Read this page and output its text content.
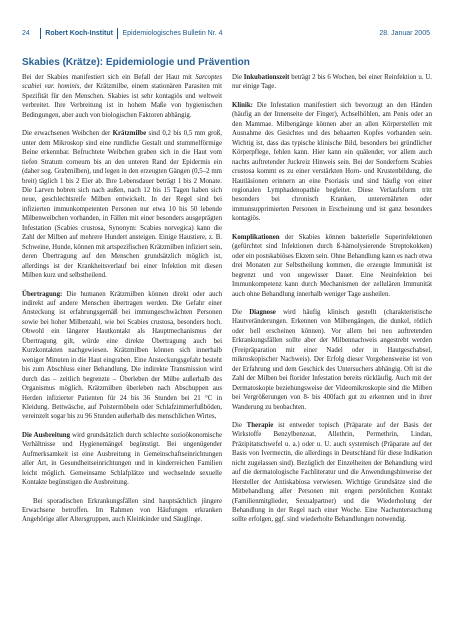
24 Robert Koch-Institut Epidemiologisches Bulletin Nr. 4	28. Januar 2005
Skabies (Krätze): Epidemiologie und Prävention

Bei der Skabies manifestiert sich ein Befall der Haut mit Sarcoptes scabiei var. hominis, der Krätzmilbe, einem stationären Parasiten mit Spezifität für den Menschen. Skabies ist sehr kontagiös und weltweit verbreitet. Ihre Verbreitung ist in hohem Maße von hygienischen Bedingungen, aber auch von biologischen Faktoren abhängig.

Die erwachsenen Weibchen der Krätzmilbe sind 0,2 bis 0,5 mm groß, unter dem Mikroskop sind eine rundliche Gestalt und stummelförmige Beine erkennbar. Befruchtete Weibchen graben sich in die Haut vom tiefen Stratum corneum bis an den unteren Rand der Epidermis ein (daher sog. Grabmilben), und legen in den erzeugten Gängen (0,5–2 mm breit) täglich 1 bis 2 Eier ab. Ihre Lebensdauer beträgt 1 bis 2 Monate. Die Larven hobren sich nach außen, nach 12 bis 15 Tagen haben sich neue, geschlechtsreife Milben entwickelt. In der Regel sind bei infizierten immunkompetenten Personen nur etwa 10 bis 50 lebende Milbenweibchen vorhanden, in Fällen mit einer besonders ausgeprägten Infestation (Scabies crustosa, Synonym: Scabies norvegica) kann die Zahl der Milben auf mehrere Hundert ansteigen. Einige Haustiere, z. B. Schweine, Hunde, können mit artspezifischen Krätzmilben infiziert sein, deren Übertragung auf den Menschen grundsätzlich möglich ist, allerdings ist der Krankheitsverlauf bei einer Infektion mit diesen Milben kurz und selbstheilend.

Übertragung: Die humanen Krätzmilben können direkt oder auch indirekt auf andere Menschen übertragen werden. Die Gefahr einer Ansteckung ist erfahrungsgemäß bei immungeschwächten Personen sowie bei hoher Milbenzahl, wie bei Scabies crustosa, besonders hoch. Obwohl ein längerer Hautkontakt als Hauptmechanismus der Übertragung gilt, würde eine direkte Übertragung auch bei Kurzkontakten nachgewiesen. Krätzmilben können sich innerhalb weniger Minuten in die Haut eingraben. Eine Ansteckungsgefahr besteht bis zum Abschluss einer Behandlung. Die indirekte Transmission wird durch das – zeitlich begrenzte – Überleben der Milbe außerhalb des Organismus möglich. Krätzmilben überleben nach Abschuppen aus Herden infizierter Patienten für 24 bis 36 Stunden bei 21 °C in Kleidung. Bettwäsche, auf Polstermöbeln oder Schlafzimmerfußböden, vereinzelt sogar bis zu 96 Stunden außerhalb des menschlichen Wirtes,

Die Ausbreitung wird grundsätzlich durch schlechte sozioökonomische Verhältnisse und Hygienemängel begünstigt. Bei ungenügender Aufmerksamkeit ist eine Ausbreitung in Gemeinschaftseinrichtungen aller Art, in Gesundheitseinrichtungen und in kinderreichen Familien leicht möglich. Gemeinsame Schlafplätze und wechselnde sexuelle Kontakte begünstigen die Ausbreitung.

Bei sporadischen Erkrankungsfällen sind hauptsächlich jüngere Erwachsene betroffen. Im Rahmen von Häufungen erkranken Angehörige aller Altersgruppen, auch Kleinkinder und Säuglinge.

Die Inkubationszeit beträgt 2 bis 6 Wochen, bei einer Reinfektion u. U. nur einige Tage.

Klinik: Die Infestation manifestiert sich bevorzugt an den Händen (häufig an der Innenseite der Finger), Achselhöhlen, am Penis oder an den Mammae. Milbengänge können aber an allen Körperstellen mit Ausnahme des Gesichtes und des behaarten Kopfes vorhanden sein. Wichtig ist, dass das typische klinische Bild, besonders bei gründlicher Körperpflege, fehlen kann. Hier kann ein quälender, vor allem auch nachts auftretender Juckreiz Hinweis sein. Bei der Sonderform Scabies crustosa kommt es zu einer verstärkten Horn- und Krustenbildung, die Hautläsionen erinnern an eine Psoriasis und sind häufig von einer regionalen Lymphadenopathie begleitet. Diese Verlaufsform tritt besonders bei chronisch Kranken, unterernährten oder immunsupprimierten Personen in Erscheinung und ist ganz besonders kontagiös.

Komplikationen der Skabies können bakterielle Superinfektionen (gefürchtet sind Infektionen durch ß-hämolysierende Streptokokken) oder ein postskabiöses Ekzem sein. Ohne Behandlung kann es nach etwa drei Monaten zur Selbstheilung kommen, die erzeugte Immunität ist begrenzt und von ungewisser Dauer. Eine Neuinfektion bei Immunkompetenz kann durch Mechanismen der zellulären Immunität auch ohne Behandlung innerhalb weniger Tage ausheilen.

Die Diagnose wird häufig klinisch gestellt (charakteristische Hautveränderungen. Erkennen von Milbengängen, die dunkel, rötlich oder hell erscheinen können). Vor allem bei neu auftretenden Erkrankungsfällen sollte aber der Milbennachweis angestrebt werden (Freipräparation mit einer Nadel oder in Hautgeschabsel, mikroskopischer Nachweis). Der Erfolg dieser Vorgehensweise ist von der Erfahrung und dem Geschick des Untersuchers abhängig. Oft ist die Zahl der Milben bei florider Infestation bereits rückläufig. Auch mit der Dermatoskopie beziehungsweise der Videomikroskopie sind die Milben bei Vergrößerungen von 8- bis 400fach gut zu erkennen und in ihrer Wanderung zu beobachten.

Die Therapie ist entweder topisch (Präparate auf der Basis der Wirkstoffe Benzylbenzoat, Allethrin, Permethrin, Lindan, Präzipitatschwefel u. a.) oder u. U. auch systemisch (Präparate auf der Basis von Ivermectin, die allerdings in Deutschland für diese Indikation nicht zugelassen sind). Bezüglich der Einzelheiten der Behandlung wird auf die dermatologische Fachliteratur und die Anwendungshinweise der Hersteller der Antiskabiosa verwiesen. Wichtige Grundsätze sind die Mitbehandlung aller Personen mit engem persönlichen Kontakt (Familienmitglieder, Sexualpartner) und die Wiederholung der Behandlung in der Regel nach einer Woche. Eine Nachuntersuchung sollte erfolgen, ggf. sind wiederholte Behandlungen notwendig.
